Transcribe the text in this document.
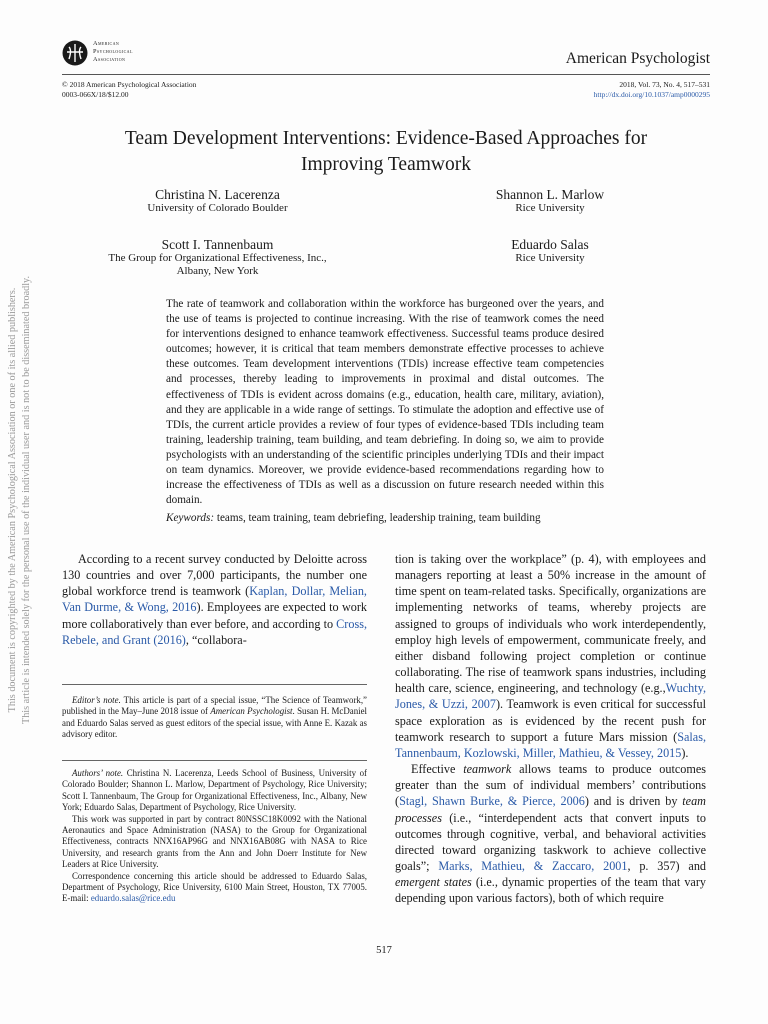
American
Psychological
Association	American Psychologist
© 2018 American Psychological Association
0003-066X/18/$12.00
2018, Vol. 73, No. 4, 517–531
http://dx.doi.org/10.1037/amp0000295
Team Development Interventions: Evidence-Based Approaches for
Improving Teamwork
Christina N. Lacerenza
University of Colorado Boulder
Shannon L. Marlow
Rice University
Scott I. Tannenbaum
The Group for Organizational Effectiveness, Inc.,
Albany, New York
Eduardo Salas
Rice University
The rate of teamwork and collaboration within the workforce has burgeoned over the years, and the use of teams is projected to continue increasing. With the rise of teamwork comes the need for interventions designed to enhance teamwork effectiveness. Successful teams produce desired outcomes; however, it is critical that team members demonstrate effective processes to achieve these outcomes. Team development interventions (TDIs) increase effective team competencies and processes, thereby leading to improvements in proximal and distal outcomes. The effectiveness of TDIs is evident across domains (e.g., education, health care, military, aviation), and they are applicable in a wide range of settings. To stimulate the adoption and effective use of TDIs, the current article provides a review of four types of evidence-based TDIs including team training, leadership training, team building, and team debriefing. In doing so, we aim to provide psychologists with an understanding of the scientific principles underlying TDIs and their impact on team dynamics. Moreover, we provide evidence-based recommendations regarding how to increase the effectiveness of TDIs as well as a discussion on future research needed within this domain.
Keywords: teams, team training, team debriefing, leadership training, team building
This document is copyrighted by the American Psychological Association or one of its allied publishers. This article is intended solely for the personal use of the individual user and is not to be disseminated broadly.	According to a recent survey conducted by Deloitte across 130 countries and over 7,000 participants, the number one global workforce trend is teamwork (Kaplan, Dollar, Melian, Van Durme, & Wong, 2016). Employees are expected to work more collaboratively than ever before, and according to Cross, Rebele, and Grant (2016), “collabora-

Editor’s note. This article is part of a special issue, “The Science of Teamwork,” published in the May–June 2018 issue of American Psychologist. Susan H. McDaniel and Eduardo Salas served as guest editors of the special issue, with Anne E. Kazak as advisory editor.

Authors’ note. Christina N. Lacerenza, Leeds School of Business, University of Colorado Boulder; Shannon L. Marlow, Department of Psychology, Rice University; Scott I. Tannenbaum, The Group for Organizational Effectiveness, Inc., Albany, New York; Eduardo Salas, Department of Psychology, Rice University.

This work was supported in part by contract 80NSSC18K0092 with the National Aeronautics and Space Administration (NASA) to the Group for Organizational Effectiveness, contracts NNX16AP96G and NNX16AB08G with NASA to Rice University, and research grants from the Ann and John Doerr Institute for New Leaders at Rice University.

Correspondence concerning this article should be addressed to Eduardo Salas, Department of Psychology, Rice University, 6100 Main Street, Houston, TX 77005. E-mail: eduardo.salas@rice.edu

tion is taking over the workplace” (p. 4), with employees and managers reporting at least a 50% increase in the amount of time spent on team-related tasks. Specifically, organizations are implementing networks of teams, whereby projects are assigned to groups of individuals who work interdependently, employ high levels of empowerment, communicate freely, and either disband following project completion or continue collaborating. The rise of teamwork spans industries, including health care, science, engineering, and technology (e.g.,Wuchty, Jones, & Uzzi, 2007). Teamwork is even critical for successful space exploration as is evidenced by the recent push for teamwork research to support a future Mars mission (Salas, Tannenbaum, Kozlowski, Miller, Mathieu, & Vessey, 2015).

Effective teamwork allows teams to produce outcomes greater than the sum of individual members’ contributions (Stagl, Shawn Burke, & Pierce, 2006) and is driven by team processes (i.e., “interdependent acts that convert inputs to outcomes through cognitive, verbal, and behavioral activities directed toward organizing taskwork to achieve collective goals”; Marks, Mathieu, & Zaccaro, 2001, p. 357) and emergent states (i.e., dynamic properties of the team that vary depending upon various factors), both of which require

517
